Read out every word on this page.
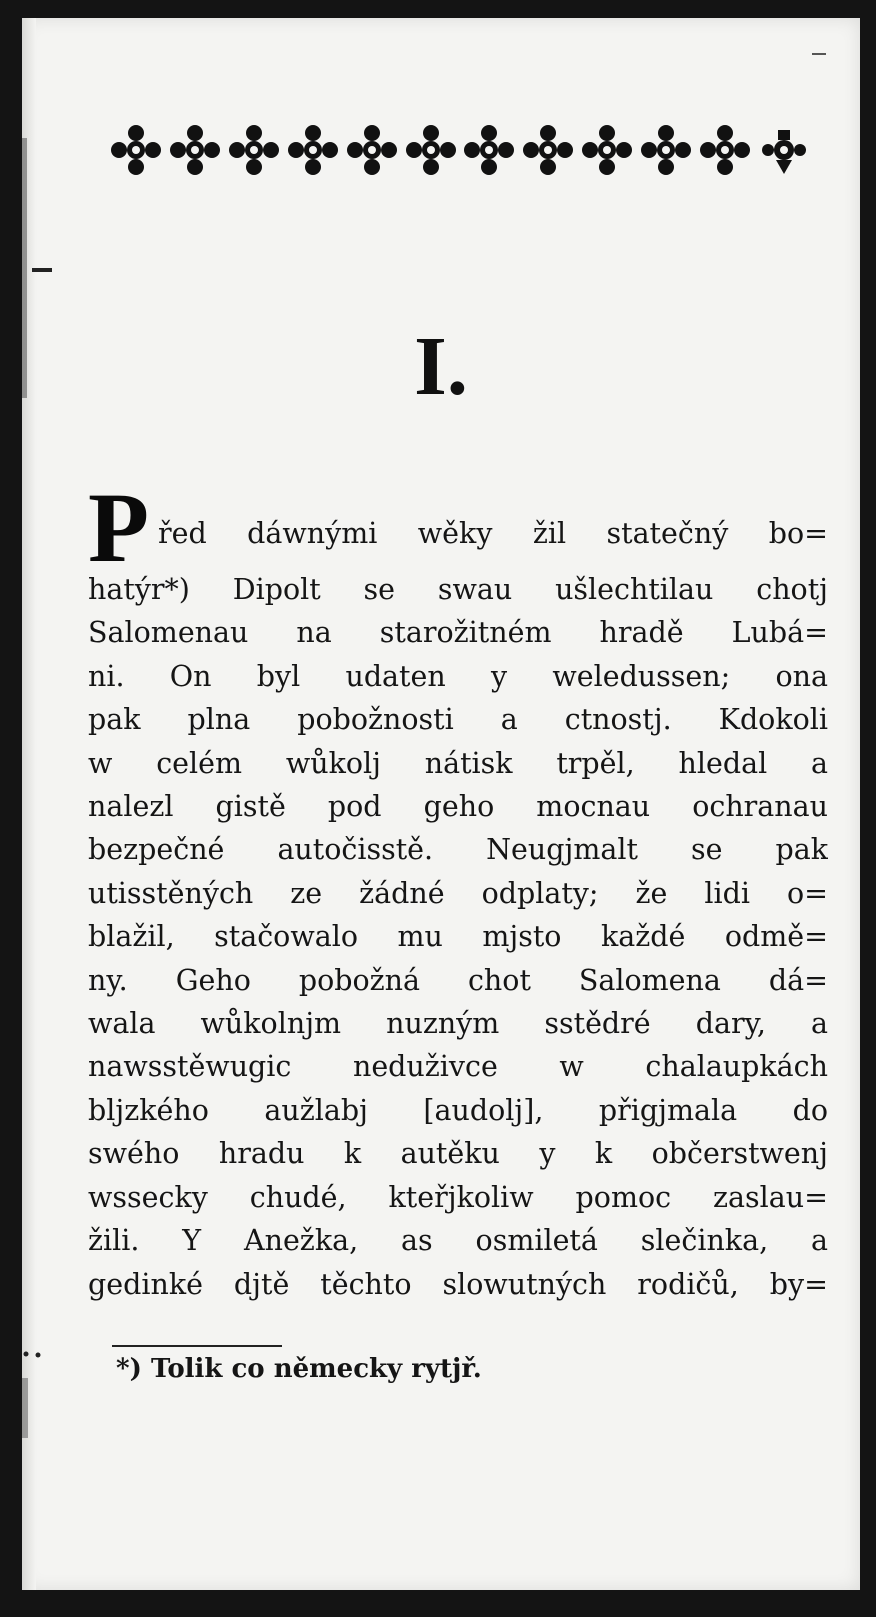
I.
Před dáwnými wěky žil statečný bo=
hatýr*) Dipolt se swau ušlechtilau chotj
Salomenau na starožitném hradě Lubá=
ni. On byl udaten y weledussen; ona
pak plna pobožnosti a ctnostj. Kdokoli
w celém wůkolj nátisk trpěl, hledal a
nalezl gistě pod geho mocnau ochranau
bezpečné autočisstě. Neugjmalt se pak
utisstěných ze žádné odplaty; že lidi o=
blažil, stačowalo mu mjsto každé odmě=
ny. Geho pobožná chot Salomena dá=
wala wůkolnjm nuzným sstědré dary, a
nawsstěwugic neduživce w chalaupkách
bljzkého aužlabj [audolj], přigjmala do
swého hradu k autěku y k občerstwenj
wssecky chudé, kteřjkoliw pomoc zaslau=
žili. Y Anežka, as osmiletá slečinka, a
gedinké djtě těchto slowutných rodičů, by=
*) Tolik co německy rytjř.
